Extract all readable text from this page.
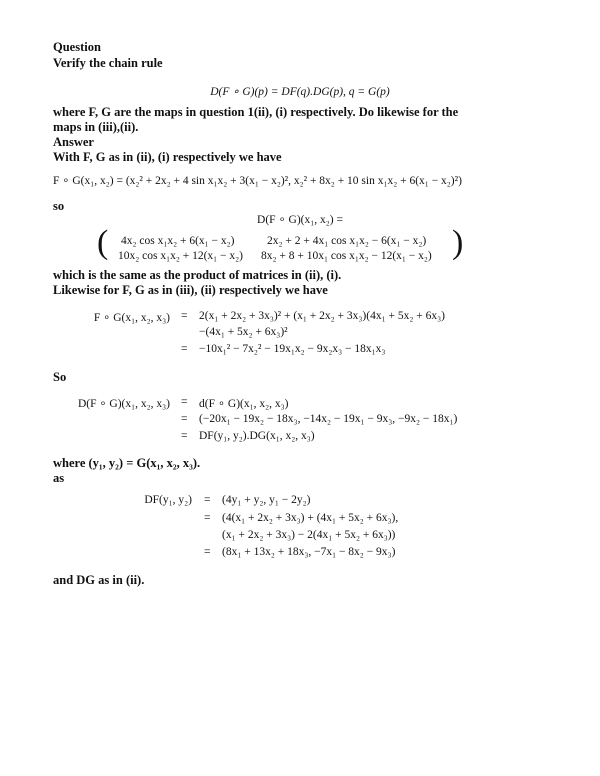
Question
Verify the chain rule
D(F ∘ G)(p) = DF(q).DG(p), q = G(p)
where F, G are the maps in question 1(ii), (i) respectively. Do likewise for the
maps in (iii),(ii).
Answer
With F, G as in (ii), (i) respectively we have
F ∘ G(x₁, x₂) = (x₂² + 2x₂ + 4 sin x₁x₂ + 3(x₁ − x₂)², x₂² + 8x₂ + 10 sin x₁x₂ + 6(x₁ − x₂)²)
so
D(F ∘ G)(x₁, x₂) =
( 4x₂ cos x₁x₂ + 6(x₁ − x₂)	2x₂ + 2 + 4x₁ cos x₁x₂ − 6(x₁ − x₂)
10x₂ cos x₁x₂ + 12(x₁ − x₂) 8x₂ + 8 + 10x₁ cos x₁x₂ − 12(x₁ − x₂) )
which is the same as the product of matrices in (ii), (i).
Likewise for F, G as in (iii), (ii) respectively we have
F ∘ G(x₁, x₂, x₃) = 2(x₁ + 2x₂ + 3x₃)² + (x₁ + 2x₂ + 3x₃)(4x₁ + 5x₂ + 6x₃)
−(4x₁ + 5x₂ + 6x₃)²
= −10x₁² − 7x₂² − 19x₁x₂ − 9x₂x₃ − 18x₁x₃
So
D(F ∘ G)(x₁, x₂, x₃) = d(F ∘ G)(x₁, x₂, x₃)
= (−20x₁ − 19x₂ − 18x₃, −14x₂ − 19x₁ − 9x₃, −9x₂ − 18x₁)
= DF(y₁, y₂).DG(x₁, x₂, x₃)
where (y₁, y₂) = G(x₁, x₂, x₃).
as
DF(y₁, y₂) = (4y₁ + y₂, y₁ − 2y₂)
= (4(x₁ + 2x₂ + 3x₃) + (4x₁ + 5x₂ + 6x₃),
(x₁ + 2x₂ + 3x₃) − 2(4x₁ + 5x₂ + 6x₃))
= (8x₁ + 13x₂ + 18x₃, −7x₁ − 8x₂ − 9x₃)
and DG as in (ii).
